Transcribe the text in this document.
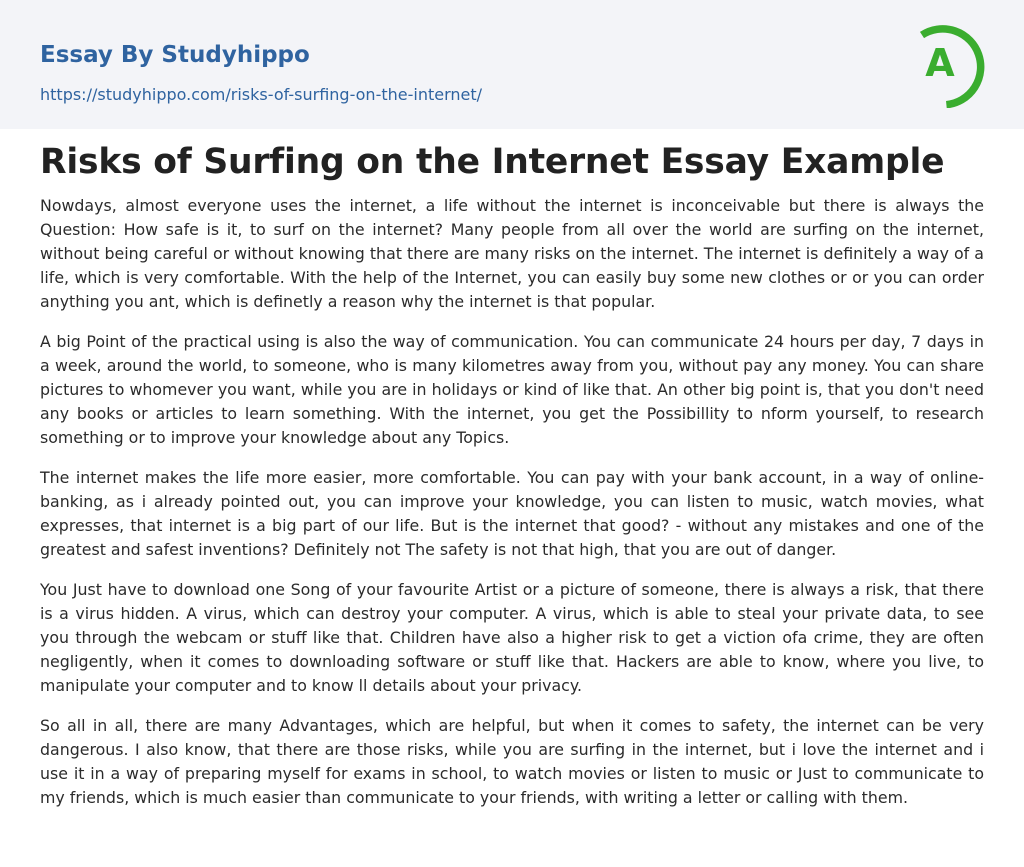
Essay By Studyhippo
https://studyhippo.com/risks-of-surfing-on-the-internet/
A
Risks of Surfing on the Internet Essay Example

Nowdays, almost everyone uses the internet, a life without the internet is inconceivable but there is always the Question: How safe is it, to surf on the internet? Many people from all over the world are surfing on the internet, without being careful or without knowing that there are many risks on the internet. The internet is definitely a way of a life, which is very comfortable. With the help of the Internet, you can easily buy some new clothes or or you can order anything you ant, which is definetly a reason why the internet is that popular.

A big Point of the practical using is also the way of communication. You can communicate 24 hours per day, 7 days in a week, around the world, to someone, who is many kilometres away from you, without pay any money. You can share pictures to whomever you want, while you are in holidays or kind of like that. An other big point is, that you don't need any books or articles to learn something. With the internet, you get the Possibillity to nform yourself, to research something or to improve your knowledge about any Topics.

The internet makes the life more easier, more comfortable. You can pay with your bank account, in a way of online-banking, as i already pointed out, you can improve your knowledge, you can listen to music, watch movies, what expresses, that internet is a big part of our life. But is the internet that good? - without any mistakes and one of the greatest and safest inventions? Definitely not The safety is not that high, that you are out of danger.

You Just have to download one Song of your favourite Artist or a picture of someone, there is always a risk, that there is a virus hidden. A virus, which can destroy your computer. A virus, which is able to steal your private data, to see you through the webcam or stuff like that. Children have also a higher risk to get a viction ofa crime, they are often negligently, when it comes to downloading software or stuff like that. Hackers are able to know, where you live, to manipulate your computer and to know ll details about your privacy.

So all in all, there are many Advantages, which are helpful, but when it comes to safety, the internet can be very dangerous. I also know, that there are those risks, while you are surfing in the internet, but i love the internet and i use it in a way of preparing myself for exams in school, to watch movies or listen to music or Just to communicate to my friends, which is much easier than communicate to your friends, with writing a letter or calling with them.
